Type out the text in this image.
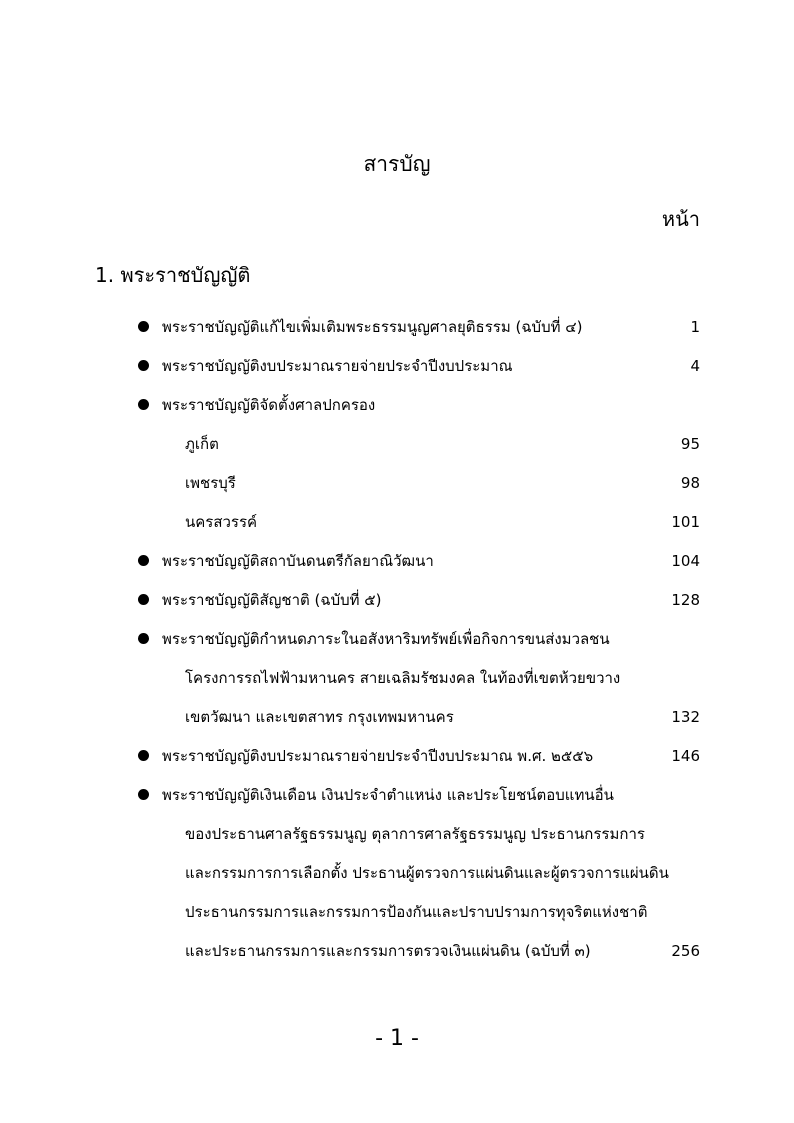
สารบัญ
หน้า
1. พระราชบัญญัติ
พระราชบัญญัติแก้ไขเพิ่มเติมพระธรรมนูญศาลยุติธรรม (ฉบับที่ ๔)	1
พระราชบัญญัติงบประมาณรายจ่ายประจำปีงบประมาณ	4
พระราชบัญญัติจัดตั้งศาลปกครอง
ภูเก็ต	95
เพชรบุรี	98
นครสวรรค์	101
พระราชบัญญัติสถาบันดนตรีกัลยาณิวัฒนา	104
พระราชบัญญัติสัญชาติ (ฉบับที่ ๕)	128
พระราชบัญญัติกำหนดภาระในอสังหาริมทรัพย์เพื่อกิจการขนส่งมวลชน
โครงการรถไฟฟ้ามหานคร สายเฉลิมรัชมงคล ในท้องที่เขตห้วยขวาง
เขตวัฒนา และเขตสาทร กรุงเทพมหานคร	132
พระราชบัญญัติงบประมาณรายจ่ายประจำปีงบประมาณ พ.ศ. ๒๕๕๖	146
พระราชบัญญัติเงินเดือน เงินประจำตำแหน่ง และประโยชน์ตอบแทนอื่น
ของประธานศาลรัฐธรรมนูญ ตุลาการศาลรัฐธรรมนูญ ประธานกรรมการ
และกรรมการการเลือกตั้ง ประธานผู้ตรวจการแผ่นดินและผู้ตรวจการแผ่นดิน
ประธานกรรมการและกรรมการป้องกันและปราบปรามการทุจริตแห่งชาติ
และประธานกรรมการและกรรมการตรวจเงินแผ่นดิน (ฉบับที่ ๓)	256
- 1 -
